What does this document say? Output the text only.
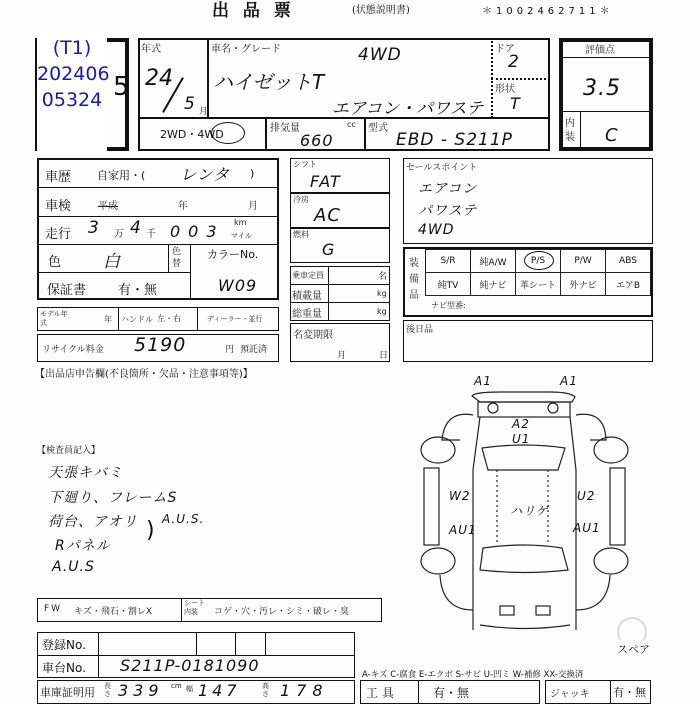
出 品 票	(状態説明書)	＊1002462711＊
5
(T1)
202406
05324
年式
24
5 月
車名・グレード	4WD
ハイゼットT
エアコン・パワステ
ドア
2
形状
T
2WD・4WD	排気量	cc
660
型式
EBD - S211P
評価点
3.5
内装 C
車歴 自家用・( レンタ )
車検	平成	年	月
走行 3 万 4 千 003 km
マイル
色 白	色替
カラーNo.
W09
保証書 有・無
モデル年式	年 ハンドル 左・右	ディーラー・並行
リサイクル料金 5190	円 預託済
【出品店申告欄(不良箇所・欠品・注意事項等)】
シフト
FAT
冷房
AC
燃料
G
乗車定員	名
積載量	kg
総重量	kg
名変期限
月	日
セールスポイント
エアコン
パワステ
4WD
装備品
S/R	純A/W	P/S	P/W	ABS
純TV	純ナビ	革シート	外ナビ	エアB
ナビ型番:
後日品
【検査員記入】
天張キバミ
下廻り、フレームS
荷台、アオリ
Rパネル
A.U.S
) A.U.S.
A1	A1
A2
U1
W2
AU1
U2
AU1
ハリゲ
スペア
FW キズ・飛石・割レX
シート内装	コゲ・穴・汚レ・シミ・破レ・臭
登録No.
車台No. S211P-0181090
車庫証明用 長さ 339 cm 幅 147	高さ 178
A-キズ C-腐食 E-エクボ S-サビ U-凹ミ W-補修 XX-交換済
工 具	有・無	ジャッキ 有・無
